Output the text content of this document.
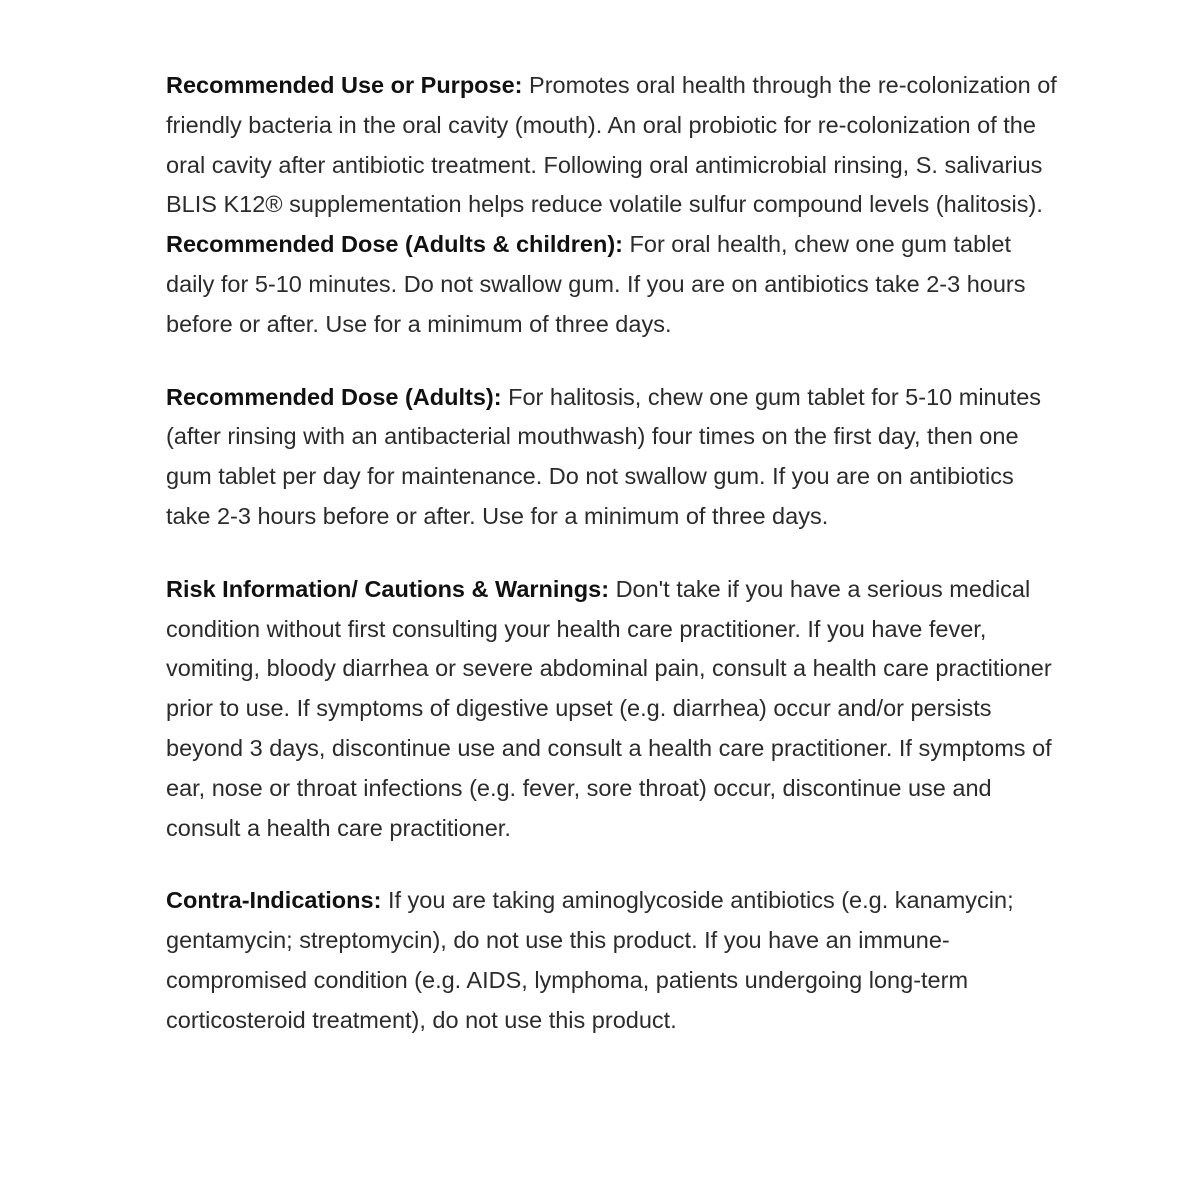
Recommended Use or Purpose: Promotes oral health through the re-colonization of friendly bacteria in the oral cavity (mouth). An oral probiotic for re-colonization of the oral cavity after antibiotic treatment. Following oral antimicrobial rinsing, S. salivarius BLIS K12® supplementation helps reduce volatile sulfur compound levels (halitosis).

Recommended Dose (Adults & children): For oral health, chew one gum tablet daily for 5-10 minutes. Do not swallow gum. If you are on antibiotics take 2-3 hours before or after. Use for a minimum of three days.

Recommended Dose (Adults): For halitosis, chew one gum tablet for 5-10 minutes (after rinsing with an antibacterial mouthwash) four times on the first day, then one gum tablet per day for maintenance. Do not swallow gum. If you are on antibiotics take 2-3 hours before or after. Use for a minimum of three days.

Risk Information/ Cautions & Warnings: Don't take if you have a serious medical condition without first consulting your health care practitioner. If you have fever, vomiting, bloody diarrhea or severe abdominal pain, consult a health care practitioner prior to use. If symptoms of digestive upset (e.g. diarrhea) occur and/or persists beyond 3 days, discontinue use and consult a health care practitioner. If symptoms of ear, nose or throat infections (e.g. fever, sore throat) occur, discontinue use and consult a health care practitioner.

Contra-Indications: If you are taking aminoglycoside antibiotics (e.g. kanamycin; gentamycin; streptomycin), do not use this product. If you have an immune-compromised condition (e.g. AIDS, lymphoma, patients undergoing long-term corticosteroid treatment), do not use this product.
